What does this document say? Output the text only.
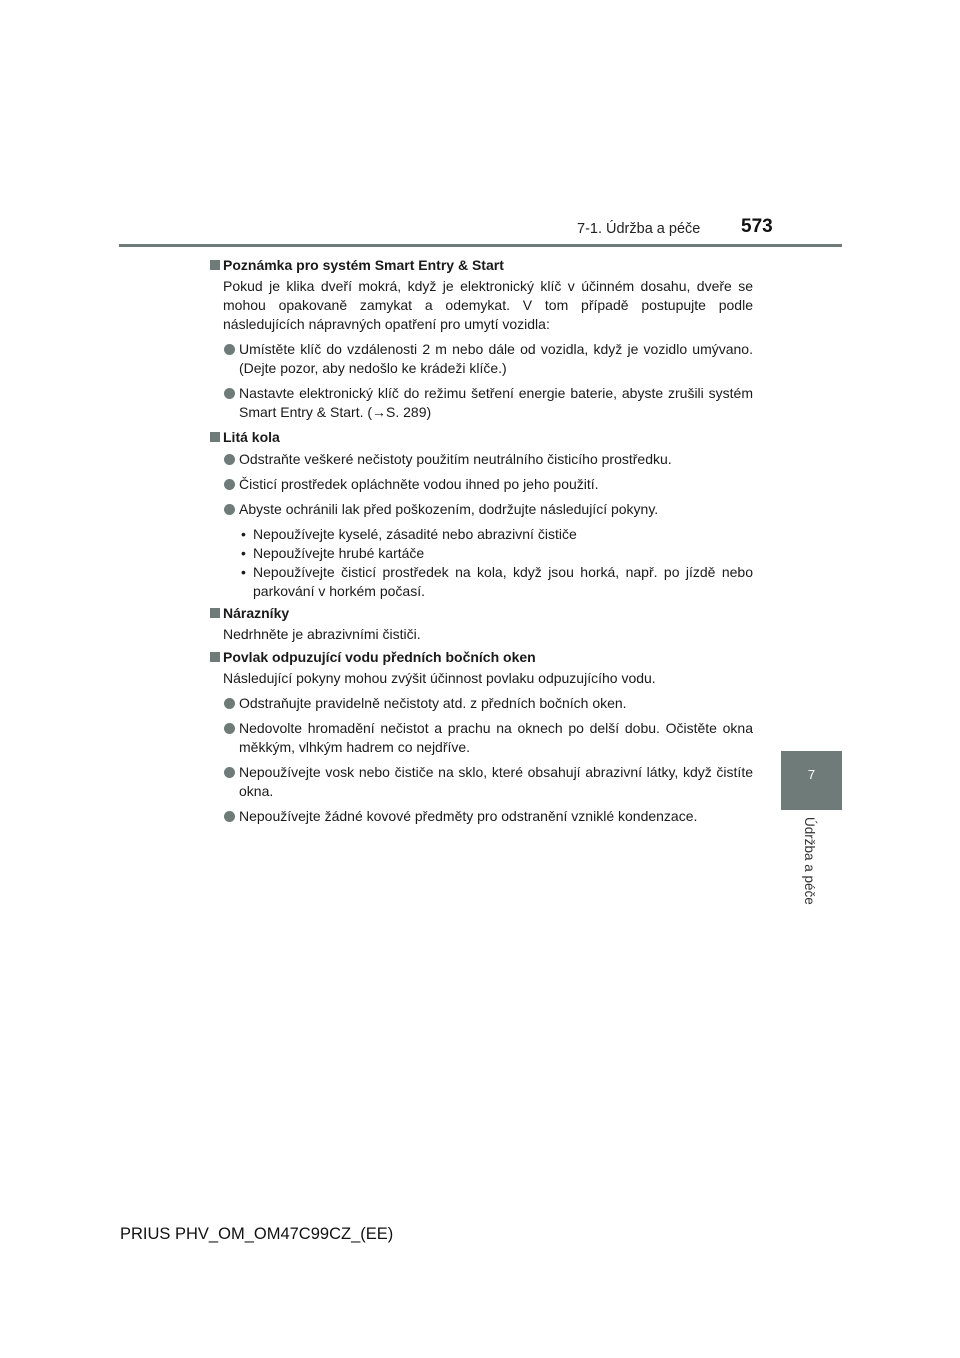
7-1. Údržba a péče 573
7
Údržba a péče
Poznámka pro systém Smart Entry & Start
Pokud je klika dveří mokrá, když je elektronický klíč v účinném dosahu, dveře se mohou opakovaně zamykat a odemykat. V tom případě postupujte podle následujících nápravných opatření pro umytí vozidla:
Umístěte klíč do vzdálenosti 2 m nebo dále od vozidla, když je vozidlo umývano. (Dejte pozor, aby nedošlo ke krádeži klíče.)
Nastavte elektronický klíč do režimu šetření energie baterie, abyste zrušili systém Smart Entry & Start. (→S. 289)
Litá kola
Odstraňte veškeré nečistoty použitím neutrálního čisticího prostředku.
Čisticí prostředek opláchněte vodou ihned po jeho použití.
Abyste ochránili lak před poškozením, dodržujte následující pokyny.
• Nepoužívejte kyselé, zásadité nebo abrazivní čističe
• Nepoužívejte hrubé kartáče
• Nepoužívejte čisticí prostředek na kola, když jsou horká, např. po jízdě nebo parkování v horkém počasí.
Nárazníky
Nedrhněte je abrazivními čističi.
Povlak odpuzující vodu předních bočních oken
Následující pokyny mohou zvýšit účinnost povlaku odpuzujícího vodu.
Odstraňujte pravidelně nečistoty atd. z předních bočních oken.
Nedovolte hromadění nečistot a prachu na oknech po delší dobu. Očistěte okna měkkým, vlhkým hadrem co nejdříve.
Nepoužívejte vosk nebo čističe na sklo, které obsahují abrazivní látky, když čistíte okna.
Nepoužívejte žádné kovové předměty pro odstranění vzniklé kondenzace.
PRIUS PHV_OM_OM47C99CZ_(EE)
